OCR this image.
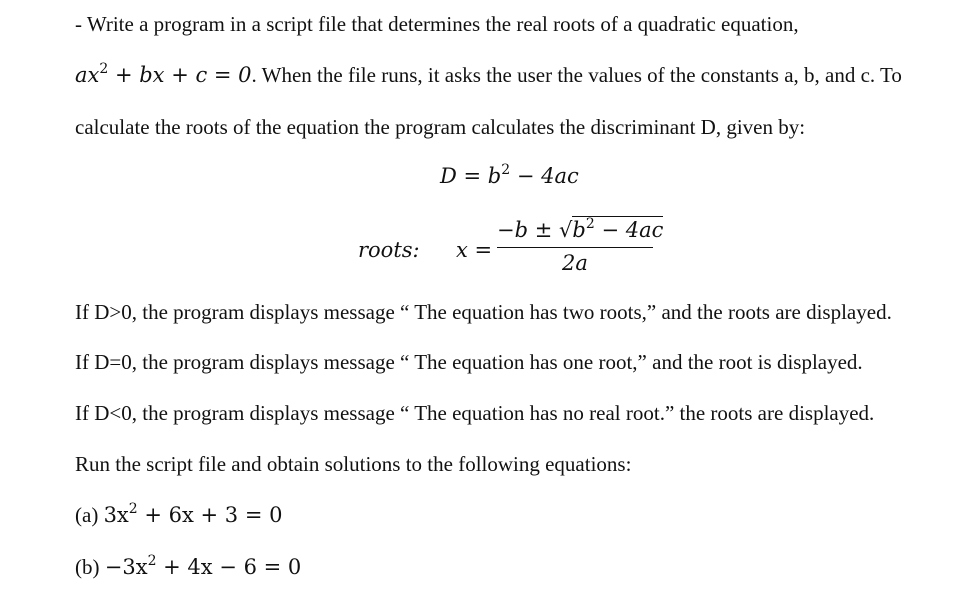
- Write a program in a script file that determines the real roots of a quadratic equation,
$ax^2$ + bx + c = 0. When the file runs, it asks the user the values of the constants a, b, and c. To
calculate the roots of the equation the program calculates the discriminant D, given by:
$D = b^2 - 4ac$
roots: $x = \frac{-b \pm √b^2 - 4ac}{2a}$
If D>0, the program displays message “ The equation has two roots,” and the roots are displayed.
If D=0, the program displays message “ The equation has one root,” and the root is displayed.
If D<0, the program displays message “ The equation has no real root.” the roots are displayed.
Run the script file and obtain solutions to the following equations:
(a) $3x^2 + 6x + 3 = 0$
$(b) -3x^2 + 4x - 6 = 0$
